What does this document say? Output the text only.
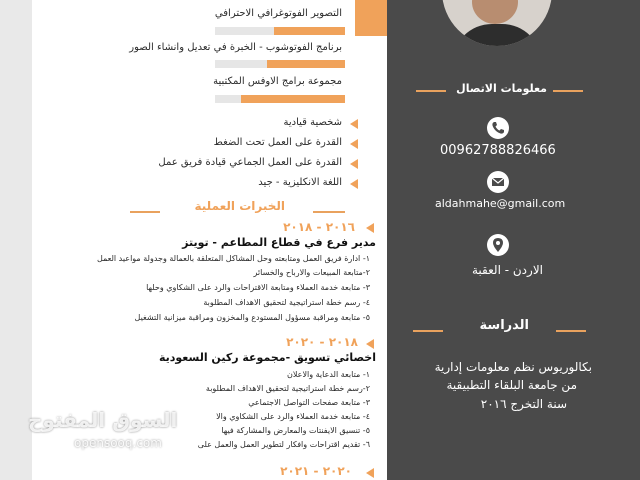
التصوير الفوتوغرافي الاحترافي
برنامج الفوتوشوب - الخبرة في تعديل وانشاء الصور
مجموعة برامج الاوفس المكتبية
شخصية قيادية
القدرة على العمل تحت الضغط
القدرة على العمل الجماعي قيادة فريق عمل
اللغة الانكليزية - جيد
الخبرات العملية
٢٠١٦ - ٢٠١٨
مدير فرع في قطاع المطاعم - تويتز
١- ادارة فريق العمل ومتابعته وحل المشاكل المتعلقة بالعمالة وجدولة مواعيد العمل
٢-متابعة المبيعات والارباح والخسائر
٣- متابعة خدمة العملاء ومتابعة الاقتراحات والرد على الشكاوي وحلها
٤- رسم خطة استراتيجية لتحقيق الاهداف المطلوبة
٥- متابعة ومراقبة مسؤول المستودع والمخزون ومراقبة ميزانية التشغيل
٢٠١٨ - ٢٠٢٠
اخصائي تسويق -مجموعة ركين السعودية
١- متابعة الدعاية والاعلان
٢-رسم خطة استراتيجية لتحقيق الاهداف المطلوبة
٣- متابعة صفحات التواصل الاجتماعي
٤- متابعة خدمة العملاء والرد على الشكاوي والا
٥- تنسيق الايفنتات والمعارض والمشاركة فيها
٦- تقديم اقتراحات وافكار لتطوير العمل والعمل على
٢٠٢٠ - ٢٠٢١
معلومات الاتصال
00962788826466
aldahmahe@gmail.com
الاردن - العقبة
الدراسة
بكالوريوس نظم معلومات إدارية
من جامعة البلقاء التطبيقية
سنة التخرج ٢٠١٦
السوق المفتوح
opensooq.com
